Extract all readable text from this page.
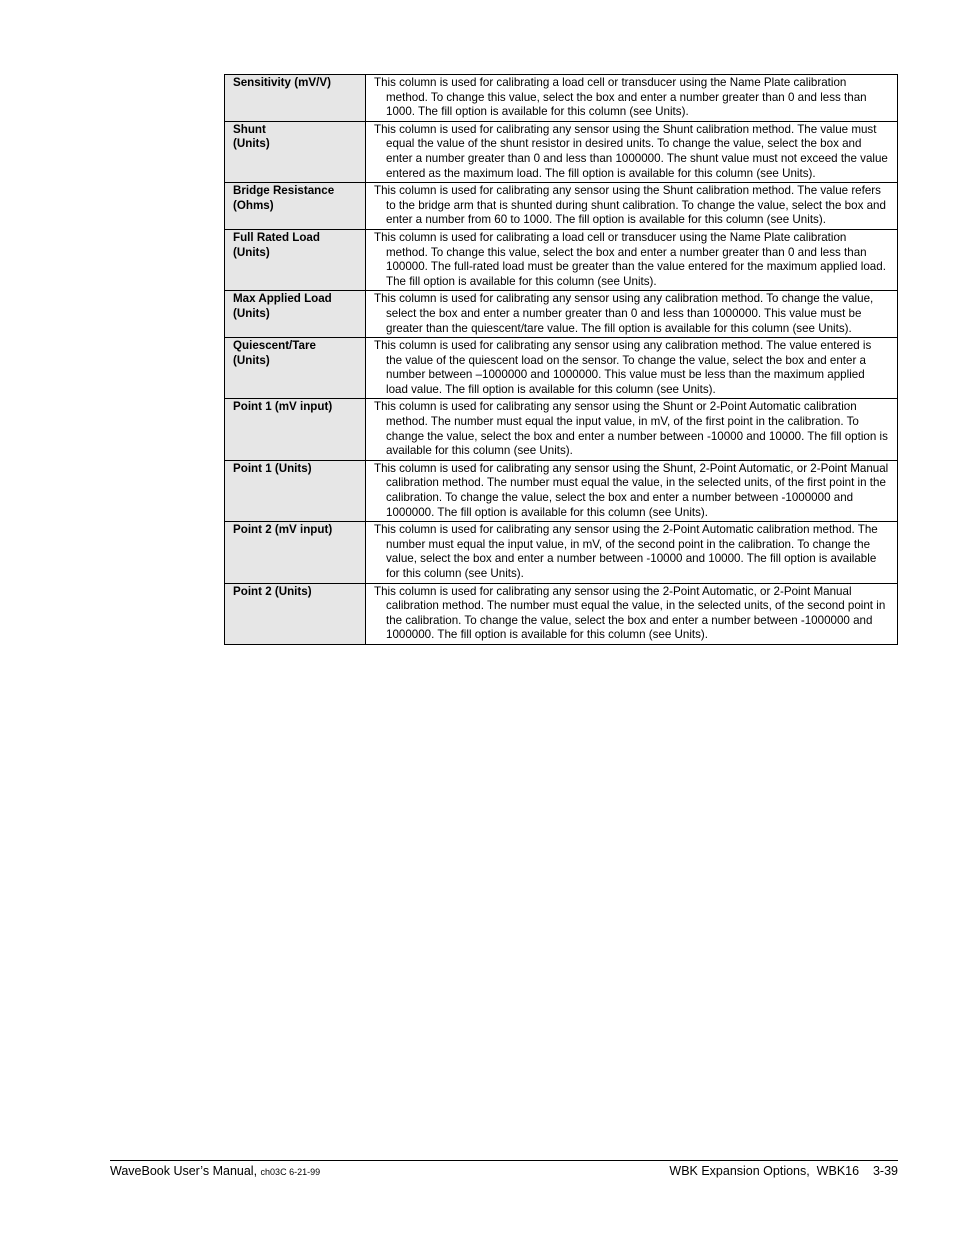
Sensitivity (mV/V)	This column is used for calibrating a load cell or transducer using the Name Plate calibration method. To change this value, select the box and enter a number greater than 0 and less than 1000. The fill option is available for this column (see Units).

Shunt
(Units)	This column is used for calibrating any sensor using the Shunt calibration method. The value must equal the value of the shunt resistor in desired units. To change the value, select the box and enter a number greater than 0 and less than 1000000. The shunt value must not exceed the value entered as the maximum load. The fill option is available for this column (see Units).

Bridge Resistance
(Ohms)	This column is used for calibrating any sensor using the Shunt calibration method. The value refers to the bridge arm that is shunted during shunt calibration. To change the value, select the box and enter a number from 60 to 1000. The fill option is available for this column (see Units).

Full Rated Load
(Units)	This column is used for calibrating a load cell or transducer using the Name Plate calibration method. To change this value, select the box and enter a number greater than 0 and less than 100000. The full-rated load must be greater than the value entered for the maximum applied load. The fill option is available for this column (see Units).

Max Applied Load
(Units)	This column is used for calibrating any sensor using any calibration method. To change the value, select the box and enter a number greater than 0 and less than 1000000. This value must be greater than the quiescent/tare value. The fill option is available for this column (see Units).

Quiescent/Tare
(Units)	This column is used for calibrating any sensor using any calibration method. The value entered is the value of the quiescent load on the sensor. To change the value, select the box and enter a number between –1000000 and 1000000. This value must be less than the maximum applied load value. The fill option is available for this column (see Units).

Point 1 (mV input)	This column is used for calibrating any sensor using the Shunt or 2-Point Automatic calibration method. The number must equal the input value, in mV, of the first point in the calibration. To change the value, select the box and enter a number between -10000 and 10000. The fill option is available for this column (see Units).

Point 1 (Units)	This column is used for calibrating any sensor using the Shunt, 2-Point Automatic, or 2-Point Manual calibration method. The number must equal the value, in the selected units, of the first point in the calibration. To change the value, select the box and enter a number between -1000000 and 1000000. The fill option is available for this column (see Units).

Point 2 (mV input)	This column is used for calibrating any sensor using the 2-Point Automatic calibration method. The number must equal the input value, in mV, of the second point in the calibration. To change the value, select the box and enter a number between -10000 and 10000. The fill option is available for this column (see Units).

Point 2 (Units)	This column is used for calibrating any sensor using the 2-Point Automatic, or 2-Point Manual calibration method. The number must equal the value, in the selected units, of the second point in the calibration. To change the value, select the box and enter a number between -1000000 and 1000000. The fill option is available for this column (see Units).
WaveBook User’s Manual, ch03C 6-21-99	WBK Expansion Options,  WBK16 3-39
